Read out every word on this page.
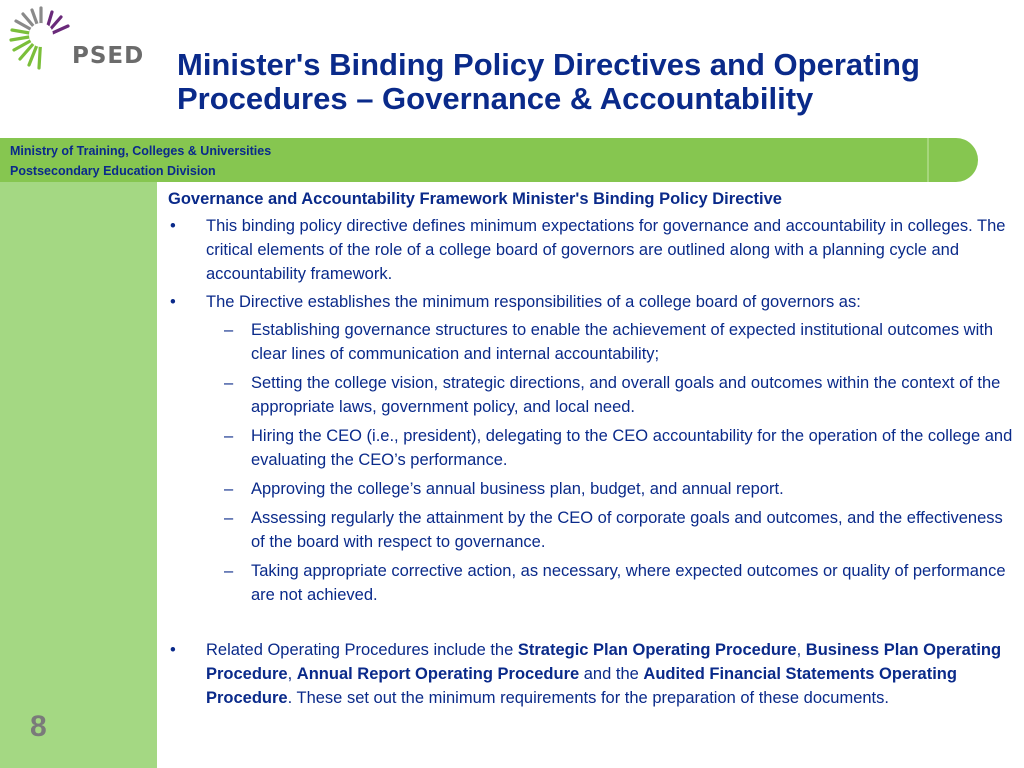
PSED Minister's Binding Policy Directives and Operating
Procedures – Governance & Accountability
Ministry of Training, Colleges & Universities
Postsecondary Education Division
8
Governance and Accountability Framework Minister's Binding Policy Directive
• This binding policy directive defines minimum expectations for governance and accountability in colleges. The critical elements of the role of a college board of governors are outlined along with a planning cycle and accountability framework.
• The Directive establishes the minimum responsibilities of a college board of governors as:
– Establishing governance structures to enable the achievement of expected institutional outcomes with clear lines of communication and internal accountability;
– Setting the college vision, strategic directions, and overall goals and outcomes within the context of the appropriate laws, government policy, and local need.
– Hiring the CEO (i.e., president), delegating to the CEO accountability for the operation of the college and evaluating the CEO’s performance.
– Approving the college’s annual business plan, budget, and annual report.
– Assessing regularly the attainment by the CEO of corporate goals and outcomes, and the effectiveness of the board with respect to governance.
– Taking appropriate corrective action, as necessary, where expected outcomes or quality of performance are not achieved.
• Related Operating Procedures include the Strategic Plan Operating Procedure, Business Plan Operating Procedure, Annual Report Operating Procedure and the Audited Financial Statements Operating Procedure. These set out the minimum requirements for the preparation of these documents.
